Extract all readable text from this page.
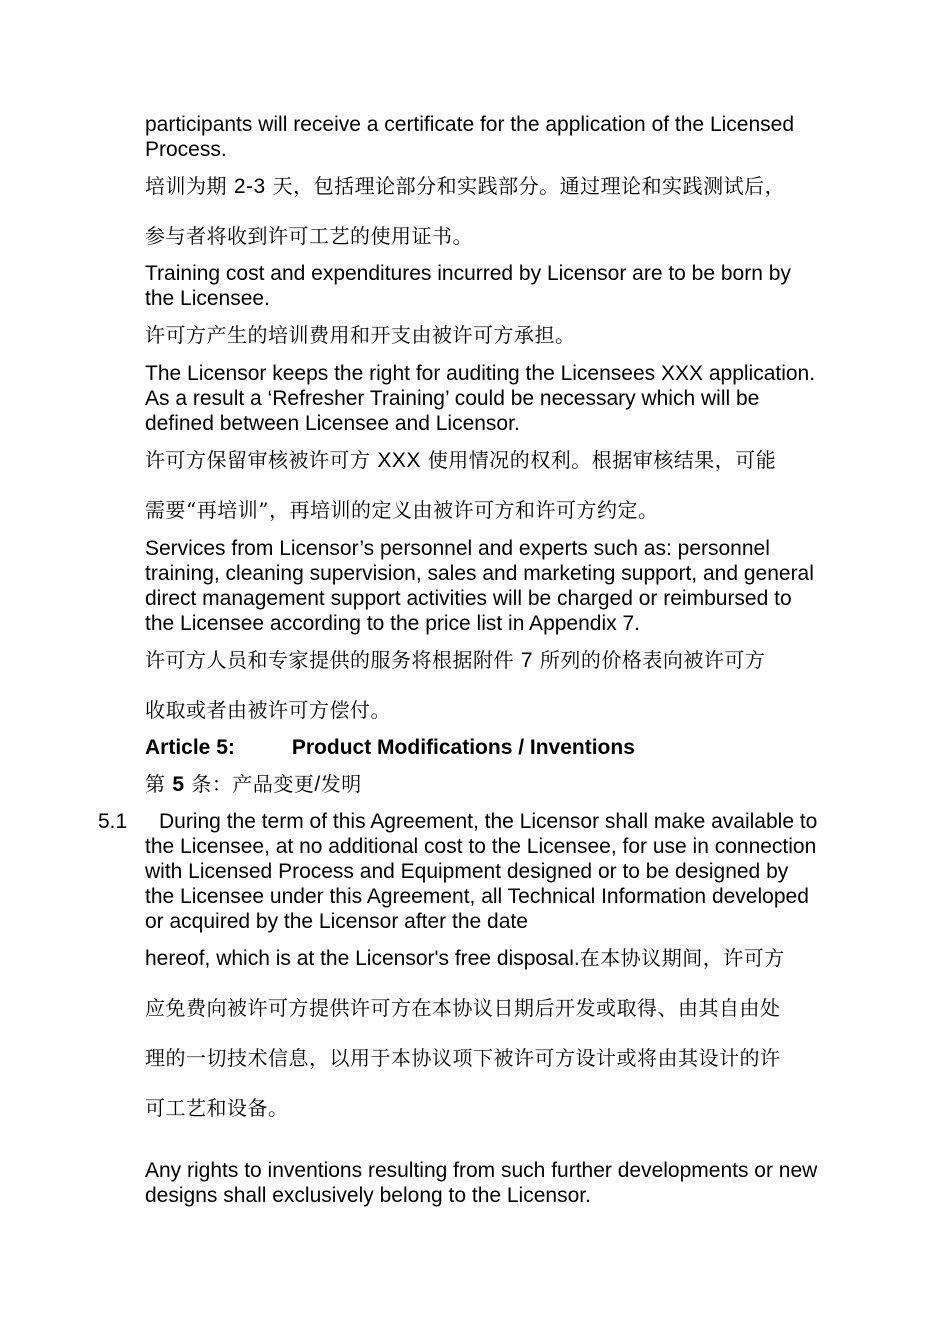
participants will receive a certificate for the application of the Licensed Process.

培训为期 2-3 天，包括理论部分和实践部分。通过理论和实践测试后，

参与者将收到许可工艺的使用证书。

Training cost and expenditures incurred by Licensor are to be born by the Licensee.

许可方产生的培训费用和开支由被许可方承担。

The Licensor keeps the right for auditing the Licensees XXX application. As a result a ‘Refresher Training’ could be necessary which will be defined between Licensee and Licensor.

许可方保留审核被许可方 XXX 使用情况的权利。根据审核结果，可能

需要“再培训”，再培训的定义由被许可方和许可方约定。

Services from Licensor’s personnel and experts such as: personnel training, cleaning supervision, sales and marketing support, and general direct management support activities will be charged or reimbursed to the Licensee according to the price list in Appendix 7.

许可方人员和专家提供的服务将根据附件 7 所列的价格表向被许可方

收取或者由被许可方偿付。

Article 5:	Product Modifications / Inventions

第 5 条：产品变更/发明

5.1	During the term of this Agreement, the Licensor shall make available to the Licensee, at no additional cost to the Licensee, for use in connection with Licensed Process and Equipment designed or to be designed by the Licensee under this Agreement, all Technical Information developed or acquired by the Licensor after the date

hereof, which is at the Licensor's free disposal.在本协议期间，许可方

应免费向被许可方提供许可方在本协议日期后开发或取得、由其自由处

理的一切技术信息，以用于本协议项下被许可方设计或将由其设计的许

可工艺和设备。

Any rights to inventions resulting from such further developments or new designs shall exclusively belong to the Licensor.
